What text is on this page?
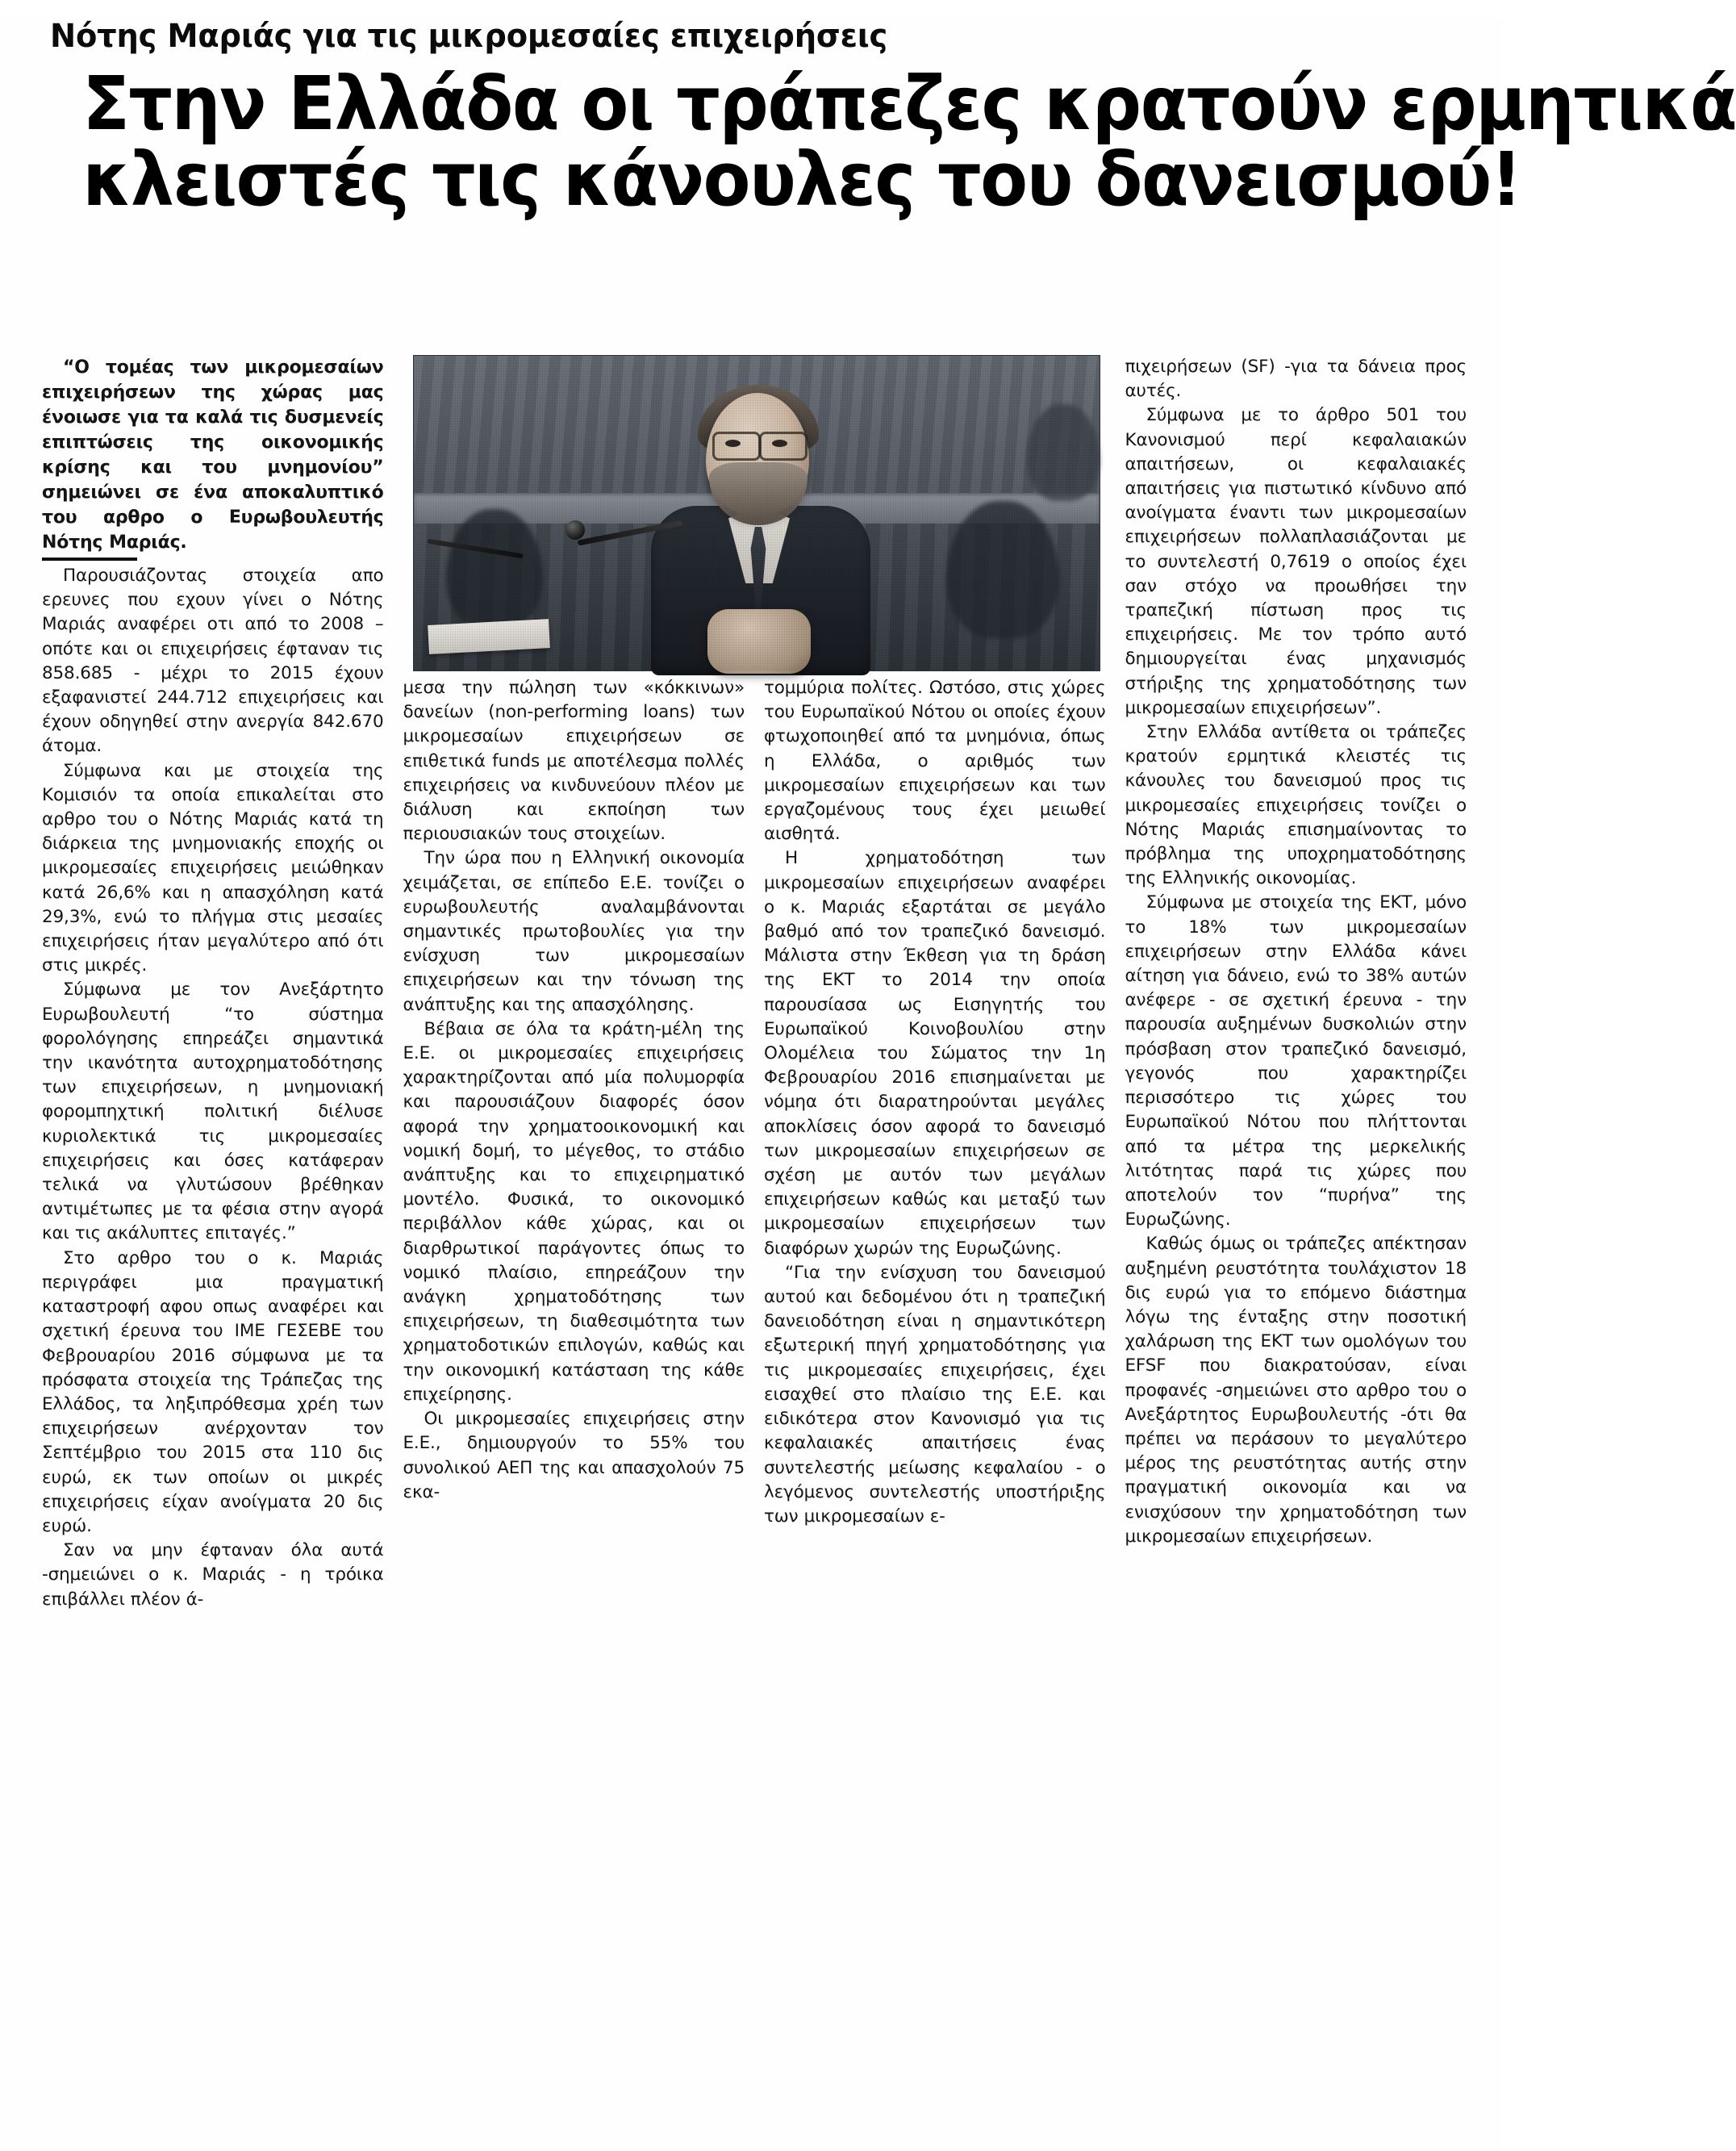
Νότης Μαριάς για τις μικρομεσαίες επιχειρήσεις
Στην Ελλάδα οι τράπεζες κρατούν ερμητικά
κλειστές τις κάνουλες του δανεισμού!

“Ο τομέας των μικρομεσαίων επιχειρήσεων της χώρας μας ένοιωσε για τα καλά τις δυσμενείς επιπτώσεις της οικονομικής κρίσης και του μνημονίου” σημειώνει σε ένα αποκαλυπτικό του αρθρο ο Ευρωβουλευτής Νότης Μαριάς.

Παρουσιάζοντας στοιχεία απο ερευνες που εχουν γίνει ο Νότης Μαριάς αναφέρει οτι από το 2008 – οπότε και οι επιχειρήσεις έφταναν τις 858.685 - μέχρι το 2015 έχουν εξαφανιστεί 244.712 επιχειρήσεις και έχουν οδηγηθεί στην ανεργία 842.670 άτομα.

Σύμφωνα και με στοιχεία της Κομισιόν τα οποία επικαλείται στο αρθρο του ο Νότης Μαριάς κατά τη διάρκεια της μνημονιακής εποχής οι μικρομεσαίες επιχειρήσεις μειώθηκαν κατά 26,6% και η απασχόληση κατά 29,3%, ενώ το πλήγμα στις μεσαίες επιχειρήσεις ήταν μεγαλύτερο από ότι στις μικρές.

Σύμφωνα με τον Ανεξάρτητο Ευρωβουλευτή “το σύστημα φορολόγησης επηρεάζει σημαντικά την ικανότητα αυτοχρηματοδότησης των επιχειρήσεων, η μνημονιακή φορομπηχτική πολιτική διέλυσε κυριολεκτικά τις μικρομεσαίες επιχειρήσεις και όσες κατάφεραν τελικά να γλυτώσουν βρέθηκαν αντιμέτωπες με τα φέσια στην αγορά και τις ακάλυπτες επιταγές.”

Στο αρθρο του ο κ. Μαριάς περιγράφει μια πραγματική καταστροφή αφου οπως αναφέρει και σχετική έρευνα του ΙΜΕ ΓΕΣΕΒΕ του Φεβρουαρίου 2016 σύμφωνα με τα πρόσφατα στοιχεία της Τράπεζας της Ελλάδος, τα ληξιπρόθεσμα χρέη των επιχειρήσεων ανέρχονταν τον Σεπτέμβριο του 2015 στα 110 δις ευρώ, εκ των οποίων οι μικρές επιχειρήσεις είχαν ανοίγματα 20 δις ευρώ.

Σαν να μην έφταναν όλα αυτά -σημειώνει ο κ. Μαριάς - η τρόικα επιβάλλει πλέον ά-

μεσα την πώληση των «κόκκινων» δανείων (non-performing loans) των μικρομεσαίων επιχειρήσεων σε επιθετικά funds με αποτέλεσμα πολλές επιχειρήσεις να κινδυνεύουν πλέον με διάλυση και εκποίηση των περιουσιακών τους στοιχείων.

Την ώρα που η Ελληνική οικονομία χειμάζεται, σε επίπεδο Ε.Ε. τονίζει ο ευρωβουλευτής αναλαμβάνονται σημαντικές πρωτοβουλίες για την ενίσχυση των μικρομεσαίων επιχειρήσεων και την τόνωση της ανάπτυξης και της απασχόλησης.

Βέβαια σε όλα τα κράτη-μέλη της Ε.Ε. οι μικρομεσαίες επιχειρήσεις χαρακτηρίζονται από μία πολυμορφία και παρουσιάζουν διαφορές όσον αφορά την χρηματοοικονομική και νομική δομή, το μέγεθος, το στάδιο ανάπτυξης και το επιχειρηματικό μοντέλο. Φυσικά, το οικονομικό περιβάλλον κάθε χώρας, και οι διαρθρωτικοί παράγοντες όπως το νομικό πλαίσιο, επηρεάζουν την ανάγκη χρηματοδότησης των επιχειρήσεων, τη διαθεσιμότητα των χρηματοδοτικών επιλογών, καθώς και την οικονομική κατάσταση της κάθε επιχείρησης.

Οι μικρομεσαίες επιχειρήσεις στην Ε.Ε., δημιουργούν το 55% του συνολικού ΑΕΠ της και απασχολούν 75 εκα-

τομμύρια πολίτες. Ωστόσο, στις χώρες του Ευρωπαϊκού Νότου οι οποίες έχουν φτωχοποιηθεί από τα μνημόνια, όπως η Ελλάδα, ο αριθμός των μικρομεσαίων επιχειρήσεων και των εργαζομένους τους έχει μειωθεί αισθητά.

Η χρηματοδότηση των μικρομεσαίων επιχειρήσεων αναφέρει ο κ. Μαριάς εξαρτάται σε μεγάλο βαθμό από τον τραπεζικό δανεισμό. Μάλιστα στην Έκθεση για τη δράση της ΕΚΤ το 2014 την οποία παρουσίασα ως Εισηγητής του Ευρωπαϊκού Κοινοβουλίου στην Ολομέλεια του Σώματος την 1η Φεβρουαρίου 2016 επισημαίνεται με νόμηα ότι διαρατηρούνται μεγάλες αποκλίσεις όσον αφορά το δανεισμό των μικρομεσαίων επιχειρήσεων σε σχέση με αυτόν των μεγάλων επιχειρήσεων καθώς και μεταξύ των μικρομεσαίων επιχειρήσεων των διαφόρων χωρών της Ευρωζώνης.

“Για την ενίσχυση του δανεισμού αυτού και δεδομένου ότι η τραπεζική δανειοδότηση είναι η σημαντικότερη εξωτερική πηγή χρηματοδότησης για τις μικρομεσαίες επιχειρήσεις, έχει εισαχθεί στο πλαίσιο της Ε.Ε. και ειδικότερα στον Κανονισμό για τις κεφαλαιακές απαιτήσεις ένας συντελεστής μείωσης κεφαλαίου - ο λεγόμενος συντελεστής υποστήριξης των μικρομεσαίων ε-

πιχειρήσεων (SF) -για τα δάνεια προς αυτές.

Σύμφωνα με το άρθρο 501 του Κανονισμού περί κεφαλαιακών απαιτήσεων, οι κεφαλαιακές απαιτήσεις για πιστωτικό κίνδυνο από ανοίγματα έναντι των μικρομεσαίων επιχειρήσεων πολλαπλασιάζονται με το συντελεστή 0,7619 ο οποίος έχει σαν στόχο να προωθήσει την τραπεζική πίστωση προς τις επιχειρήσεις. Με τον τρόπο αυτό δημιουργείται ένας μηχανισμός στήριξης της χρηματοδότησης των μικρομεσαίων επιχειρήσεων”.

Στην Ελλάδα αντίθετα οι τράπεζες κρατούν ερμητικά κλειστές τις κάνουλες του δανεισμού προς τις μικρομεσαίες επιχειρήσεις τονίζει ο Νότης Μαριάς επισημαίνοντας το πρόβλημα της υποχρηματοδότησης της Ελληνικής οικονομίας.

Σύμφωνα με στοιχεία της ΕΚΤ, μόνο το 18% των μικρομεσαίων επιχειρήσεων στην Ελλάδα κάνει αίτηση για δάνειο, ενώ το 38% αυτών ανέφερε - σε σχετική έρευνα - την παρουσία αυξημένων δυσκολιών στην πρόσβαση στον τραπεζικό δανεισμό, γεγονός που χαρακτηρίζει περισσότερο τις χώρες του Ευρωπαϊκού Νότου που πλήττονται από τα μέτρα της μερκελικής λιτότητας παρά τις χώρες που αποτελούν τον “πυρήνα” της Ευρωζώνης.

Καθώς όμως οι τράπεζες απέκτησαν αυξημένη ρευστότητα τουλάχιστον 18 δις ευρώ για το επόμενο διάστημα λόγω της ένταξης στην ποσοτική χαλάρωση της ΕΚΤ των ομολόγων του EFSF που διακρατούσαν, είναι προφανές -σημειώνει στο αρθρο του ο Ανεξάρτητος Ευρωβουλευτής -ότι θα πρέπει να περάσουν το μεγαλύτερο μέρος της ρευστότητας αυτής στην πραγματική οικονομία και να ενισχύσουν την χρηματοδότηση των μικρομεσαίων επιχειρήσεων.
